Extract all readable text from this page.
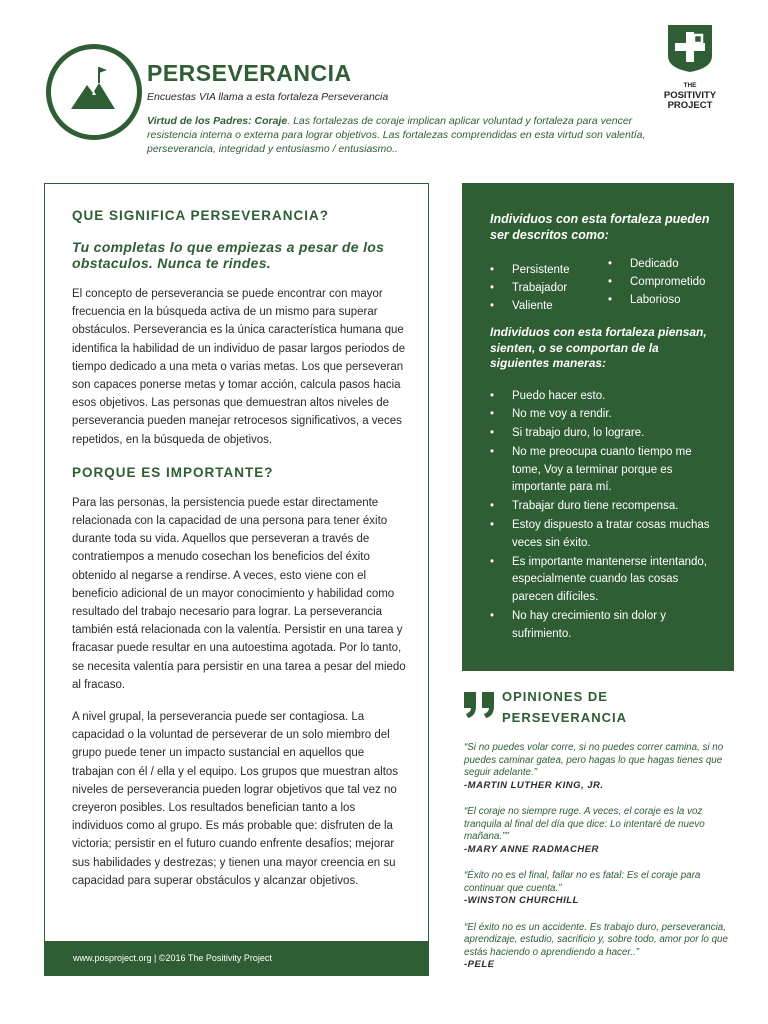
PERSEVERANCIA
Encuestas VIA llama a esta fortaleza Perseverancia
Virtud de los Padres: Coraje. Las fortalezas de coraje implican aplicar voluntad y fortaleza para vencer resistencia interna o externa para lograr objetivos. Las fortalezas comprendidas en esta virtud son valentía, perseverancia, integridad y entusiasmo / entusiasmo..
THE
POSITIVITY
PROJECT
QUE SIGNIFICA PERSEVERANCIA?
Tu completas lo que empiezas a pesar de los obstaculos. Nunca te rindes.

El concepto de perseverancia se puede encontrar con mayor frecuencia en la búsqueda activa de un mismo para superar obstáculos. Perseverancia es la única característica humana que identifica la habilidad de un individuo de pasar largos periodos de tiempo dedicado a una meta o varias metas. Los que perseveran son capaces ponerse metas y tomar acción, calcula pasos hacia esos objetivos. Las personas que demuestran altos niveles de perseverancia pueden manejar retrocesos significativos, a veces repetidos, en la búsqueda de objetivos.

PORQUE ES IMPORTANTE?

Para las personas, la persistencia puede estar directamente relacionada con la capacidad de una persona para tener éxito durante toda su vida. Aquellos que perseveran a través de contratiempos a menudo cosechan los beneficios del éxito obtenido al negarse a rendirse. A veces, esto viene con el beneficio adicional de un mayor conocimiento y habilidad como resultado del trabajo necesario para lograr. La perseverancia también está relacionada con la valentía. Persistir en una tarea y fracasar puede resultar en una autoestima agotada. Por lo tanto, se necesita valentía para persistir en una tarea a pesar del miedo al fracaso.

A nivel grupal, la perseverancia puede ser contagiosa. La capacidad o la voluntad de perseverar de un solo miembro del grupo puede tener un impacto sustancial en aquellos que trabajan con él / ella y el equipo. Los grupos que muestran altos niveles de perseverancia pueden lograr objetivos que tal vez no creyeron posibles. Los resultados benefician tanto a los individuos como al grupo. Es más probable que: disfruten de la victoria; persistir en el futuro cuando enfrente desafíos; mejorar sus habilidades y destrezas; y tienen una mayor creencia en su capacidad para superar obstáculos y alcanzar objetivos.

www.posproject.org | ©2016 The Positivity Project
Individuos con esta fortaleza pueden ser descritos como:
• Persistente
• Trabajador
• Valiente
• Dedicado
• Comprometido
• Laborioso
Individuos con esta fortaleza piensan, sienten, o se comportan de la siguientes maneras:
• Puedo hacer esto.
• No me voy a rendir.
• Si trabajo duro, lo lograre.
• No me preocupa cuanto tiempo me tome, Voy a terminar porque es importante para mí.
• Trabajar duro tiene recompensa.
• Estoy dispuesto a tratar cosas muchas veces sin éxito.
• Es importante mantenerse intentando, especialmente cuando las cosas parecen difíciles.
• No hay crecimiento sin dolor y sufrimiento.
OPINIONES DE
PERSEVERANCIA
“Si no puedes volar corre, si no puedes correr camina, si no puedes caminar gatea, pero hagas lo que hagas tienes que seguir adelante.”
-MARTIN LUTHER KING, JR.
“El coraje no siempre ruge. A veces, el coraje es la voz tranquila al final del día que dice: Lo intentaré de nuevo mañana.””
-MARY ANNE RADMACHER
“Éxito no es el final, fallar no es fatal: Es el coraje para continuar que cuenta.”
-WINSTON CHURCHILL
“El éxito no es un accidente. Es trabajo duro, perseverancia, aprendizaje, estudio, sacrificio y, sobre todo, amor por lo que estás haciendo o aprendiendo a hacer..”
-PELE
